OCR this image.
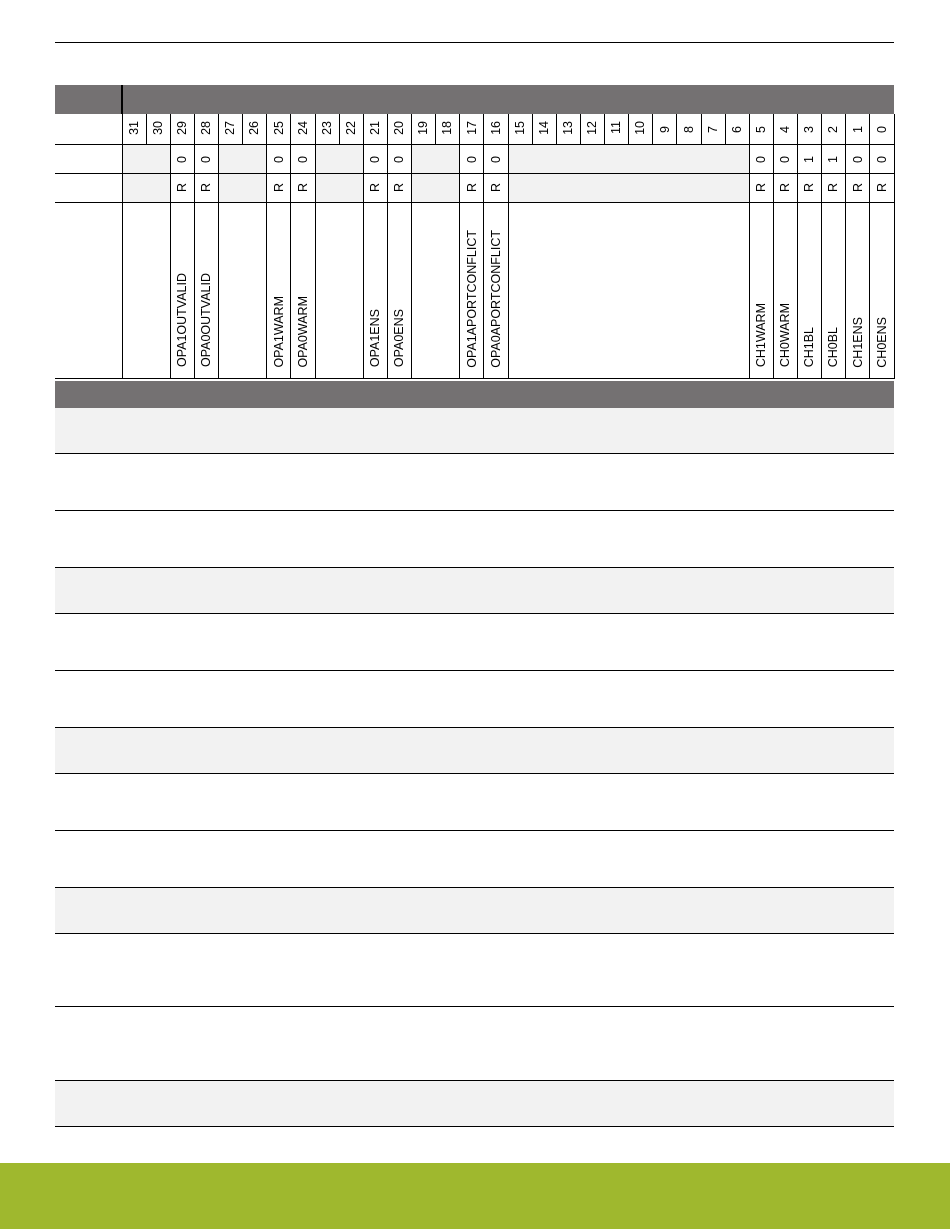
	31	30	29	28	27	26	25	24	23	22	21	20	19	18	17	16	15	14	13	12	11	10	9	8	7	6	5	4	3	2	1	0
			0	0			0	0			0	0			0	0											0	0	1	1	0	0
			R	R			R	R			R	R			R	R											R	R	R	R	R	R
			OPA1OUTVALID	OPA0OUTVALID			OPA1WARM	OPA0WARM			OPA1ENS	OPA0ENS			OPA1APORTCONFLICT	OPA0APORTCONFLICT											CH1WARM	CH0WARM	CH1BL	CH0BL	CH1ENS	CH0ENS
